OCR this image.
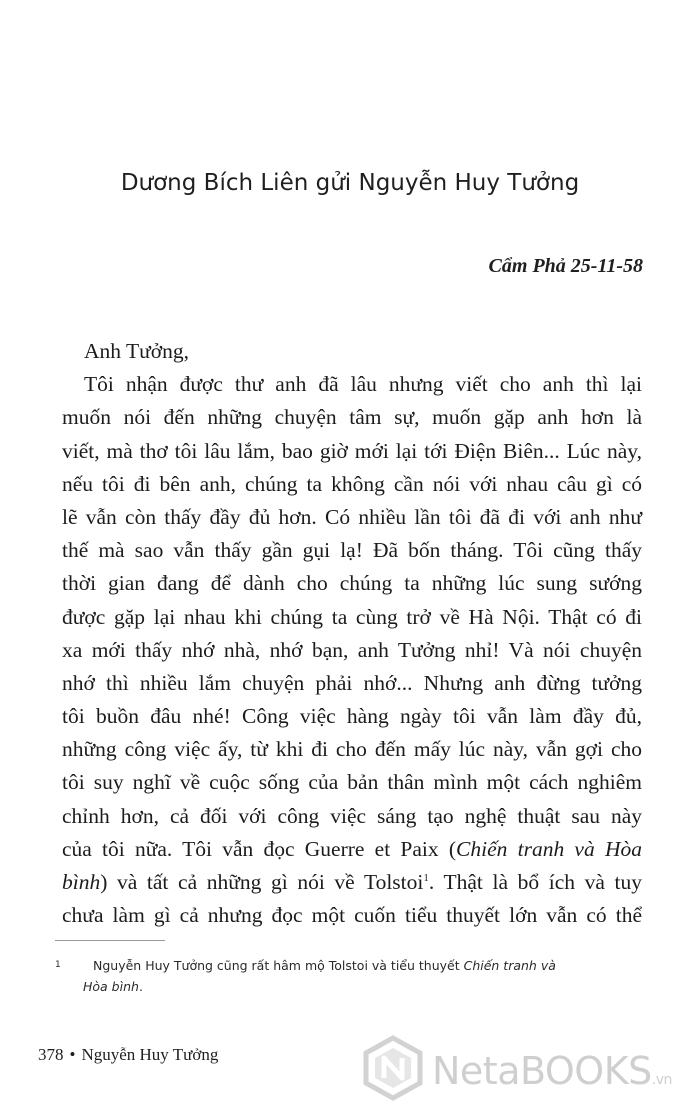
Dương Bích Liên gửi Nguyễn Huy Tưởng
Cẩm Phả 25-11-58
Anh Tưởng,
Tôi nhận được thư anh đã lâu nhưng viết cho anh thì lại
muốn nói đến những chuyện tâm sự, muốn gặp anh hơn là
viết, mà thơ tôi lâu lắm, bao giờ mới lại tới Điện Biên... Lúc này,
nếu tôi đi bên anh, chúng ta không cần nói với nhau câu gì có
lẽ vẫn còn thấy đầy đủ hơn. Có nhiều lần tôi đã đi với anh như
thế mà sao vẫn thấy gần gụi lạ! Đã bốn tháng. Tôi cũng thấy
thời gian đang để dành cho chúng ta những lúc sung sướng
được gặp lại nhau khi chúng ta cùng trở về Hà Nội. Thật có đi
xa mới thấy nhớ nhà, nhớ bạn, anh Tưởng nhỉ! Và nói chuyện
nhớ thì nhiều lắm chuyện phải nhớ... Nhưng anh đừng tưởng
tôi buồn đâu nhé! Công việc hàng ngày tôi vẫn làm đầy đủ,
những công việc ấy, từ khi đi cho đến mấy lúc này, vẫn gợi cho
tôi suy nghĩ về cuộc sống của bản thân mình một cách nghiêm
chỉnh hơn, cả đối với công việc sáng tạo nghệ thuật sau này
của tôi nữa. Tôi vẫn đọc Guerre et Paix (Chiến tranh và Hòa
bình) và tất cả những gì nói về Tolstoi$^1$. Thật là bổ ích và tuy
chưa làm gì cả nhưng đọc một cuốn tiểu thuyết lớn vẫn có thể
1	Nguyễn Huy Tưởng cũng rất hâm mộ Tolstoi và tiểu thuyết Chiến tranh và
Hòa bình.
378 • Nguyễn Huy Tưởng	NetaBOOKS.vn
